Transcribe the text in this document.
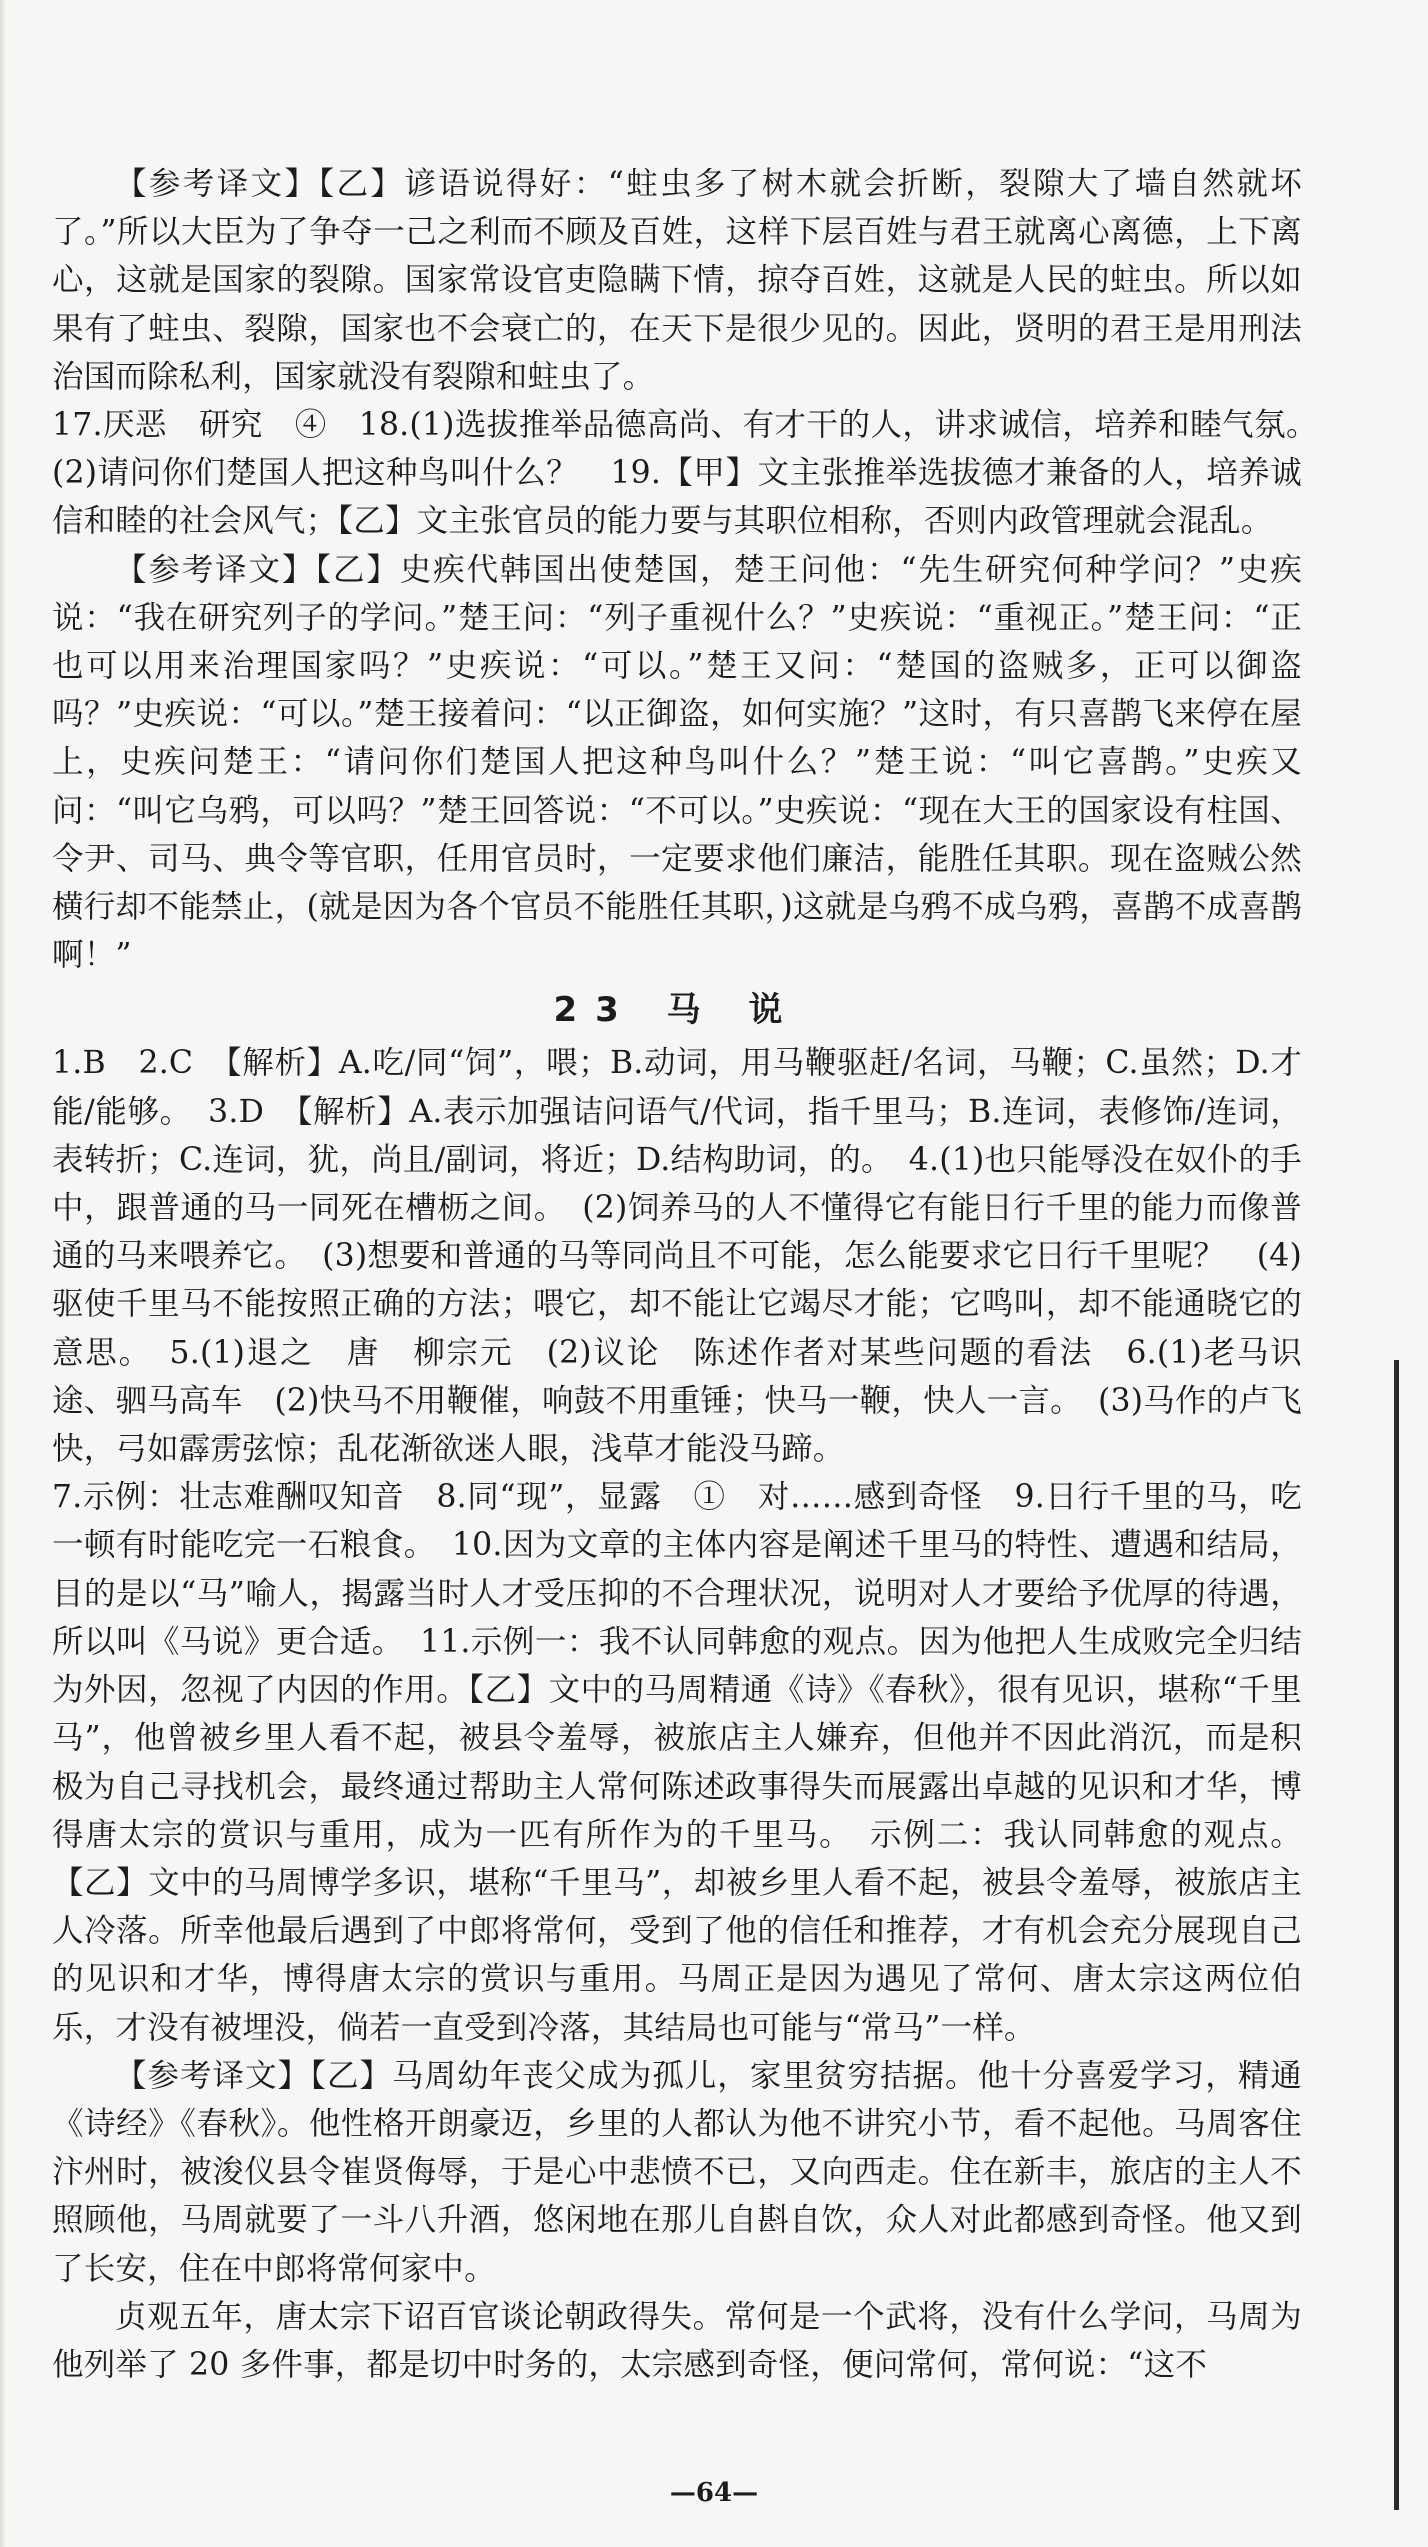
【参考译文】【乙】谚语说得好：“蛀虫多了树木就会折断，裂隙大了墙自然就坏了。”所以大臣为了争夺一己之利而不顾及百姓，这样下层百姓与君王就离心离德，上下离心，这就是国家的裂隙。国家常设官吏隐瞒下情，掠夺百姓，这就是人民的蛀虫。所以如果有了蛀虫、裂隙，国家也不会衰亡的，在天下是很少见的。因此，贤明的君王是用刑法治国而除私利，国家就没有裂隙和蛀虫了。

17.厌恶　研究　④　18.(1)选拔推举品德高尚、有才干的人，讲求诚信，培养和睦气氛。　(2)请问你们楚国人把这种鸟叫什么？　19.【甲】文主张推举选拔德才兼备的人，培养诚信和睦的社会风气；【乙】文主张官员的能力要与其职位相称，否则内政管理就会混乱。

【参考译文】【乙】史疾代韩国出使楚国，楚王问他：“先生研究何种学问？”史疾说：“我在研究列子的学问。”楚王问：“列子重视什么？”史疾说：“重视正。”楚王问：“正也可以用来治理国家吗？”史疾说：“可以。”楚王又问：“楚国的盗贼多，正可以御盗吗？”史疾说：“可以。”楚王接着问：“以正御盗，如何实施？”这时，有只喜鹊飞来停在屋上，史疾问楚王：“请问你们楚国人把这种鸟叫什么？”楚王说：“叫它喜鹊。”史疾又问：“叫它乌鸦，可以吗？”楚王回答说：“不可以。”史疾说：“现在大王的国家设有柱国、令尹、司马、典令等官职，任用官员时，一定要求他们廉洁，能胜任其职。现在盗贼公然横行却不能禁止，(就是因为各个官员不能胜任其职，)这就是乌鸦不成乌鸦，喜鹊不成喜鹊啊！”

23 马 说

1.B　2.C　【解析】A.吃/同“饲”，喂；B.动词，用马鞭驱赶/名词，马鞭；C.虽然；D.才能/能够。　3.D　【解析】A.表示加强诘问语气/代词，指千里马；B.连词，表修饰/连词，表转折；C.连词，犹，尚且/副词，将近；D.结构助词，的。　4.(1)也只能辱没在奴仆的手中，跟普通的马一同死在槽枥之间。　(2)饲养马的人不懂得它有能日行千里的能力而像普通的马来喂养它。　(3)想要和普通的马等同尚且不可能，怎么能要求它日行千里呢？　(4)驱使千里马不能按照正确的方法；喂它，却不能让它竭尽才能；它鸣叫，却不能通晓它的意思。　5.(1)退之　唐　柳宗元　(2)议论　陈述作者对某些问题的看法　6.(1)老马识途、驷马高车　(2)快马不用鞭催，响鼓不用重锤；快马一鞭，快人一言。　(3)马作的卢飞快，弓如霹雳弦惊；乱花渐欲迷人眼，浅草才能没马蹄。

7.示例：壮志难酬叹知音　8.同“现”，显露　①　对……感到奇怪　9.日行千里的马，吃一顿有时能吃完一石粮食。　10.因为文章的主体内容是阐述千里马的特性、遭遇和结局，目的是以“马”喻人，揭露当时人才受压抑的不合理状况，说明对人才要给予优厚的待遇，所以叫《马说》更合适。　11.示例一：我不认同韩愈的观点。因为他把人生成败完全归结为外因，忽视了内因的作用。【乙】文中的马周精通《诗》《春秋》，很有见识，堪称“千里马”，他曾被乡里人看不起，被县令羞辱，被旅店主人嫌弃，但他并不因此消沉，而是积极为自己寻找机会，最终通过帮助主人常何陈述政事得失而展露出卓越的见识和才华，博得唐太宗的赏识与重用，成为一匹有所作为的千里马。　示例二：我认同韩愈的观点。【乙】文中的马周博学多识，堪称“千里马”，却被乡里人看不起，被县令羞辱，被旅店主人冷落。所幸他最后遇到了中郎将常何，受到了他的信任和推荐，才有机会充分展现自己的见识和才华，博得唐太宗的赏识与重用。马周正是因为遇见了常何、唐太宗这两位伯乐，才没有被埋没，倘若一直受到冷落，其结局也可能与“常马”一样。

【参考译文】【乙】马周幼年丧父成为孤儿，家里贫穷拮据。他十分喜爱学习，精通《诗经》《春秋》。他性格开朗豪迈，乡里的人都认为他不讲究小节，看不起他。马周客住汴州时，被浚仪县令崔贤侮辱，于是心中悲愤不已，又向西走。住在新丰，旅店的主人不照顾他，马周就要了一斗八升酒，悠闲地在那儿自斟自饮，众人对此都感到奇怪。他又到了长安，住在中郎将常何家中。

贞观五年，唐太宗下诏百官谈论朝政得失。常何是一个武将，没有什么学问，马周为他列举了 20 多件事，都是切中时务的，太宗感到奇怪，便问常何，常何说：“这不

—64—
